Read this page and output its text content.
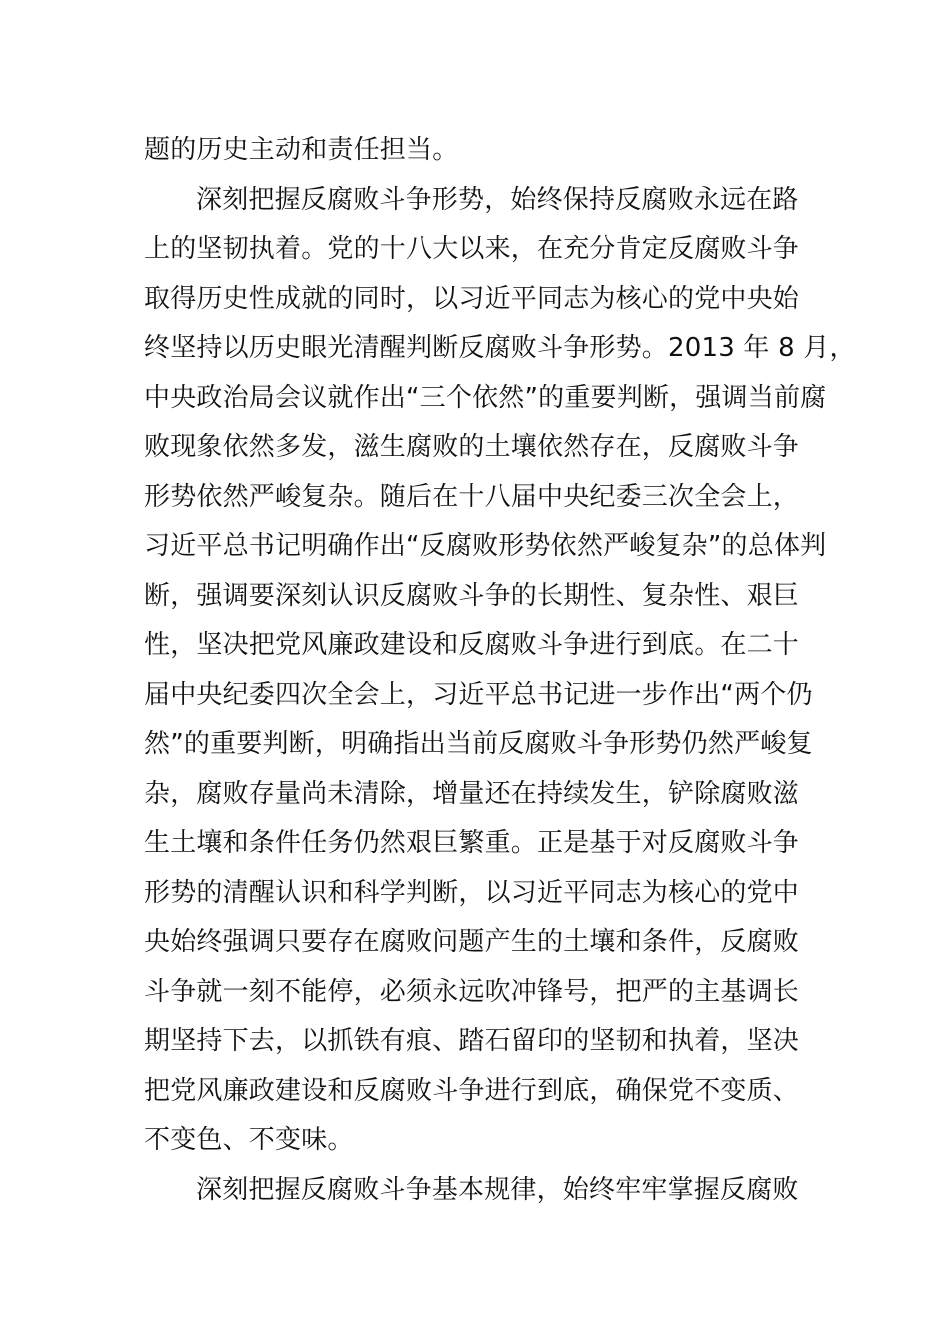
题的历史主动和责任担当。
深刻把握反腐败斗争形势，始终保持反腐败永远在路
上的坚韧执着。党的十八大以来，在充分肯定反腐败斗争
取得历史性成就的同时，以习近平同志为核心的党中央始
终坚持以历史眼光清醒判断反腐败斗争形势。2013 年 8 月，
中央政治局会议就作出“三个依然”的重要判断，强调当前腐
败现象依然多发，滋生腐败的土壤依然存在，反腐败斗争
形势依然严峻复杂。随后在十八届中央纪委三次全会上，
习近平总书记明确作出“反腐败形势依然严峻复杂”的总体判
断，强调要深刻认识反腐败斗争的长期性、复杂性、艰巨
性，坚决把党风廉政建设和反腐败斗争进行到底。在二十
届中央纪委四次全会上，习近平总书记进一步作出“两个仍
然”的重要判断，明确指出当前反腐败斗争形势仍然严峻复
杂，腐败存量尚未清除，增量还在持续发生，铲除腐败滋
生土壤和条件任务仍然艰巨繁重。正是基于对反腐败斗争
形势的清醒认识和科学判断，以习近平同志为核心的党中
央始终强调只要存在腐败问题产生的土壤和条件，反腐败
斗争就一刻不能停，必须永远吹冲锋号，把严的主基调长
期坚持下去，以抓铁有痕、踏石留印的坚韧和执着，坚决
把党风廉政建设和反腐败斗争进行到底，确保党不变质、
不变色、不变味。
深刻把握反腐败斗争基本规律，始终牢牢掌握反腐败
